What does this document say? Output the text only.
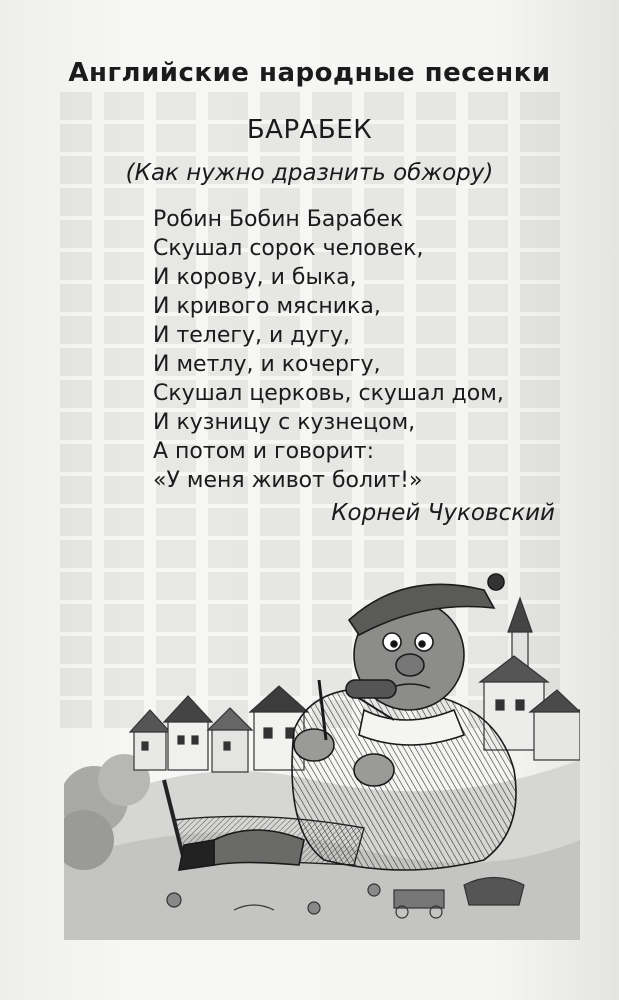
Английские народные песенки
БАРАБЕК
(Как нужно дразнить обжору)
Робин Бобин Барабек
Скушал сорок человек,
И корову, и быка,
И кривого мясника,
И телегу, и дугу,
И метлу, и кочергу,
Скушал церковь, скушал дом,
И кузницу с кузнецом,
А потом и говорит:
«У меня живот болит!»
Корней Чуковский
